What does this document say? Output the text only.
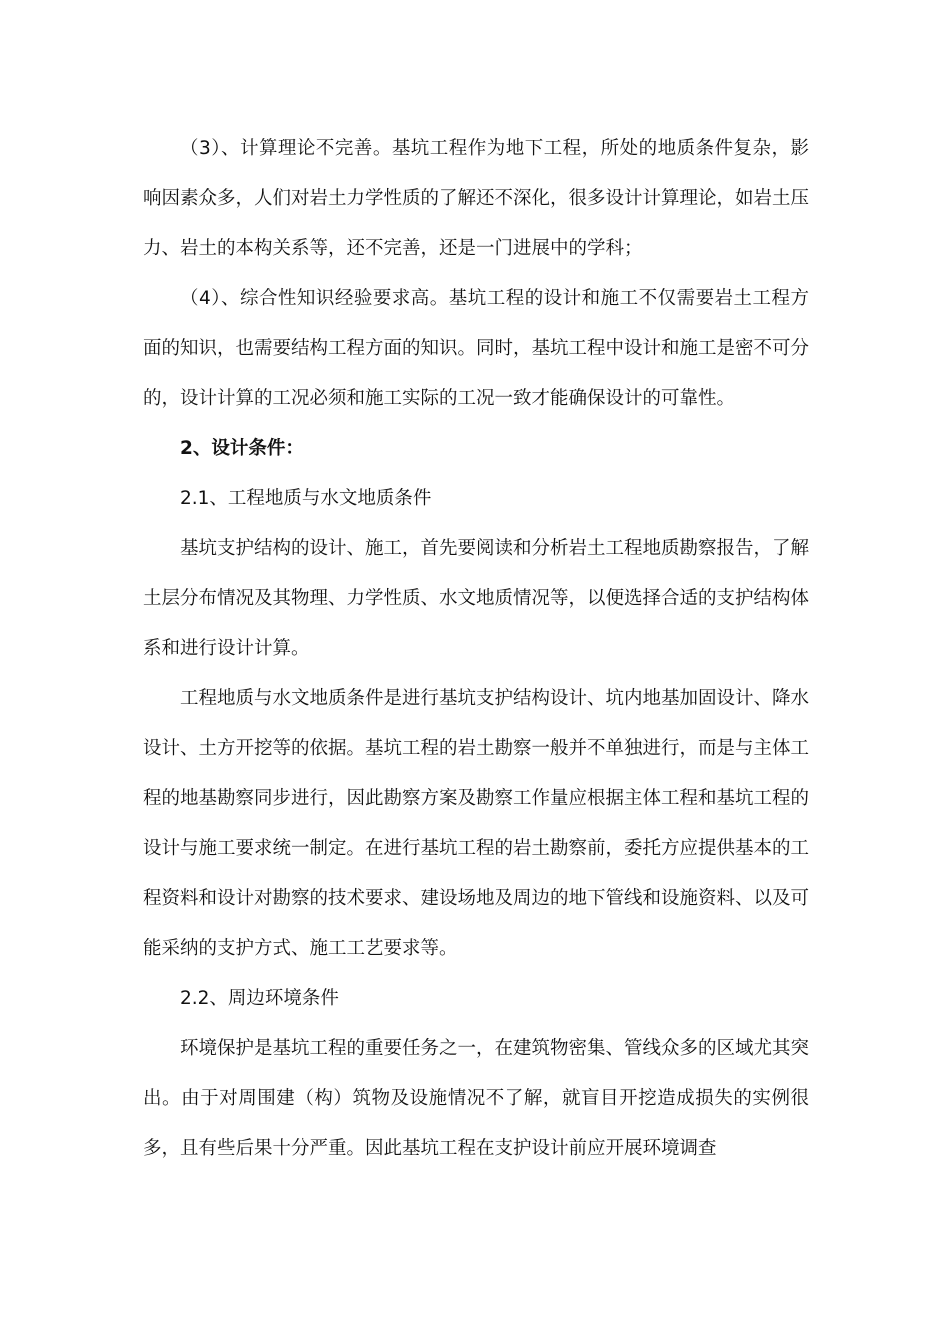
（3）、计算理论不完善。基坑工程作为地下工程，所处的地质条件复杂，影响因素众多，人们对岩土力学性质的了解还不深化，很多设计计算理论，如岩土压力、岩土的本构关系等，还不完善，还是一门进展中的学科；

（4）、综合性知识经验要求高。基坑工程的设计和施工不仅需要岩土工程方面的知识，也需要结构工程方面的知识。同时，基坑工程中设计和施工是密不可分的，设计计算的工况必须和施工实际的工况一致才能确保设计的可靠性。

2、设计条件：

2.1、工程地质与水文地质条件

基坑支护结构的设计、施工，首先要阅读和分析岩土工程地质勘察报告，了解土层分布情况及其物理、力学性质、水文地质情况等，以便选择合适的支护结构体系和进行设计计算。

工程地质与水文地质条件是进行基坑支护结构设计、坑内地基加固设计、降水设计、土方开挖等的依据。基坑工程的岩土勘察一般并不单独进行，而是与主体工程的地基勘察同步进行，因此勘察方案及勘察工作量应根据主体工程和基坑工程的设计与施工要求统一制定。在进行基坑工程的岩土勘察前，委托方应提供基本的工程资料和设计对勘察的技术要求、建设场地及周边的地下管线和设施资料、以及可能采纳的支护方式、施工工艺要求等。

2.2、周边环境条件

环境保护是基坑工程的重要任务之一，在建筑物密集、管线众多的区域尤其突出。由于对周围建（构）筑物及设施情况不了解，就盲目开挖造成损失的实例很多，且有些后果十分严重。因此基坑工程在支护设计前应开展环境调查
